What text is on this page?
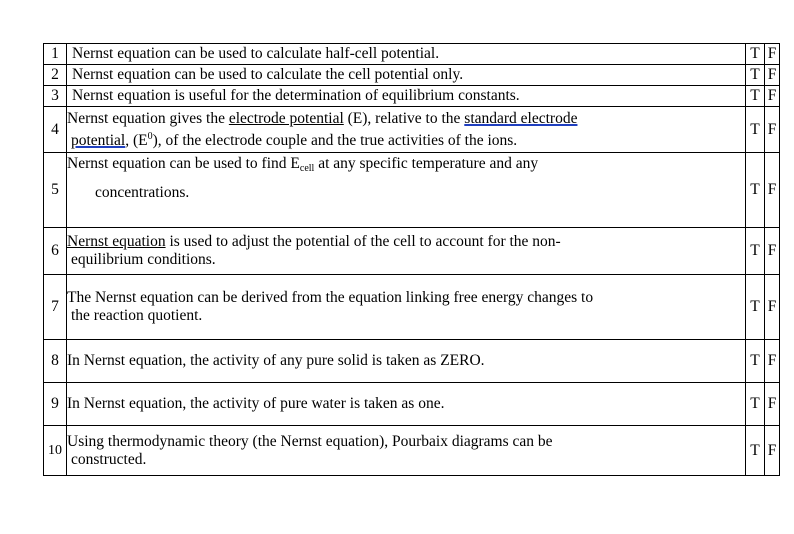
1	Nernst equation can be used to calculate half-cell potential.	T	F
2	Nernst equation can be used to calculate the cell potential only.	T	F
3	Nernst equation is useful for the determination of equilibrium constants.	T	F
4	Nernst equation gives the electrode potential (E), relative to the standard electrode
potential, $(E^0)$, of the electrode couple and the true activities of the ions.	T	F
5	Nernst equation can be used to find $E_{cell}$ at any specific temperature and any
concentrations.	T	F
6	Nernst equation is used to adjust the potential of the cell to account for the non-
equilibrium conditions.	T	F
7	The Nernst equation can be derived from the equation linking free energy changes to
the reaction quotient.	T	F
8	In Nernst equation, the activity of any pure solid is taken as ZERO.	T	F
9	In Nernst equation, the activity of pure water is taken as one.	T	F
10	Using thermodynamic theory (the Nernst equation), Pourbaix diagrams can be
constructed.	T	F
